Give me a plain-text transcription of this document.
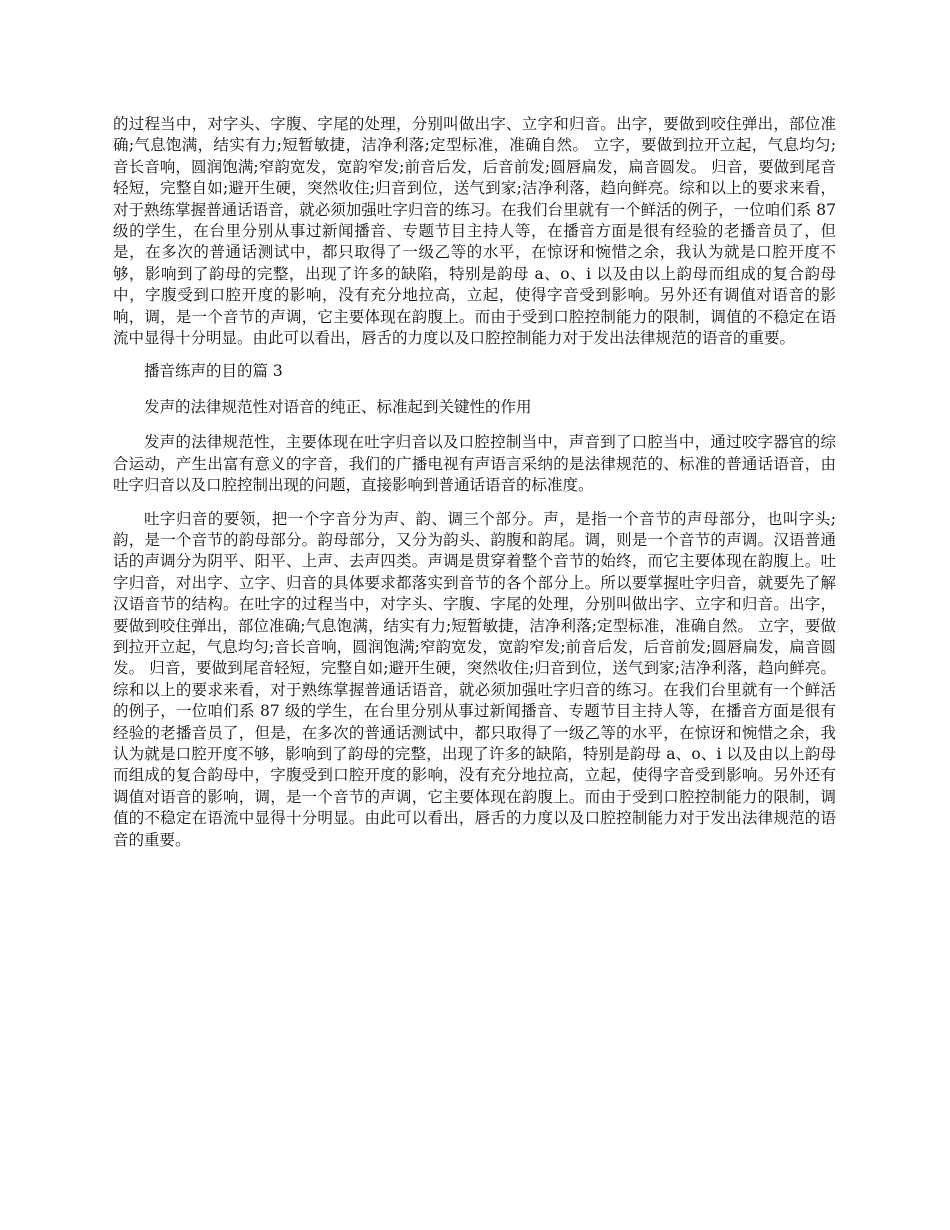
的过程当中，对字头、字腹、字尾的处理，分别叫做出字、立字和归音。出字，要做到咬住弹出，部位准确;气息饱满，结实有力;短暂敏捷，洁净利落;定型标准，准确自然。 立字，要做到拉开立起，气息均匀;音长音响，圆润饱满;窄韵宽发，宽韵窄发;前音后发，后音前发;圆唇扁发，扁音圆发。 归音，要做到尾音轻短，完整自如;避开生硬，突然收住;归音到位，送气到家;洁净利落，趋向鲜亮。综和以上的要求来看，对于熟练掌握普通话语音，就必须加强吐字归音的练习。在我们台里就有一个鲜活的例子，一位咱们系 87 级的学生，在台里分别从事过新闻播音、专题节目主持人等，在播音方面是很有经验的老播音员了，但是，在多次的普通话测试中，都只取得了一级乙等的水平，在惊讶和惋惜之余，我认为就是口腔开度不够，影响到了韵母的完整，出现了许多的缺陷，特别是韵母 a、o、i 以及由以上韵母而组成的复合韵母中，字腹受到口腔开度的影响，没有充分地拉高，立起，使得字音受到影响。另外还有调值对语音的影响，调，是一个音节的声调，它主要体现在韵腹上。而由于受到口腔控制能力的限制，调值的不稳定在语流中显得十分明显。由此可以看出，唇舌的力度以及口腔控制能力对于发出法律规范的语音的重要。

播音练声的目的篇 3

发声的法律规范性对语音的纯正、标准起到关键性的作用

发声的法律规范性，主要体现在吐字归音以及口腔控制当中，声音到了口腔当中，通过咬字器官的综合运动，产生出富有意义的字音，我们的广播电视有声语言采纳的是法律规范的、标准的普通话语音，由吐字归音以及口腔控制出现的问题，直接影响到普通话语音的标准度。

吐字归音的要领，把一个字音分为声、韵、调三个部分。声，是指一个音节的声母部分，也叫字头;韵，是一个音节的韵母部分。韵母部分，又分为韵头、韵腹和韵尾。调，则是一个音节的声调。汉语普通话的声调分为阴平、阳平、上声、去声四类。声调是贯穿着整个音节的始终，而它主要体现在韵腹上。吐字归音，对出字、立字、归音的具体要求都落实到音节的各个部分上。所以要掌握吐字归音，就要先了解汉语音节的结构。在吐字的过程当中，对字头、字腹、字尾的处理，分别叫做出字、立字和归音。出字，要做到咬住弹出，部位准确;气息饱满，结实有力;短暂敏捷，洁净利落;定型标准，准确自然。 立字，要做到拉开立起，气息均匀;音长音响，圆润饱满;窄韵宽发，宽韵窄发;前音后发，后音前发;圆唇扁发，扁音圆发。 归音，要做到尾音轻短，完整自如;避开生硬，突然收住;归音到位，送气到家;洁净利落，趋向鲜亮。综和以上的要求来看，对于熟练掌握普通话语音，就必须加强吐字归音的练习。在我们台里就有一个鲜活的例子，一位咱们系 87 级的学生，在台里分别从事过新闻播音、专题节目主持人等，在播音方面是很有经验的老播音员了，但是，在多次的普通话测试中，都只取得了一级乙等的水平，在惊讶和惋惜之余，我认为就是口腔开度不够，影响到了韵母的完整，出现了许多的缺陷，特别是韵母 a、o、i 以及由以上韵母而组成的复合韵母中，字腹受到口腔开度的影响，没有充分地拉高，立起，使得字音受到影响。另外还有调值对语音的影响，调，是一个音节的声调，它主要体现在韵腹上。而由于受到口腔控制能力的限制，调值的不稳定在语流中显得十分明显。由此可以看出，唇舌的力度以及口腔控制能力对于发出法律规范的语音的重要。
